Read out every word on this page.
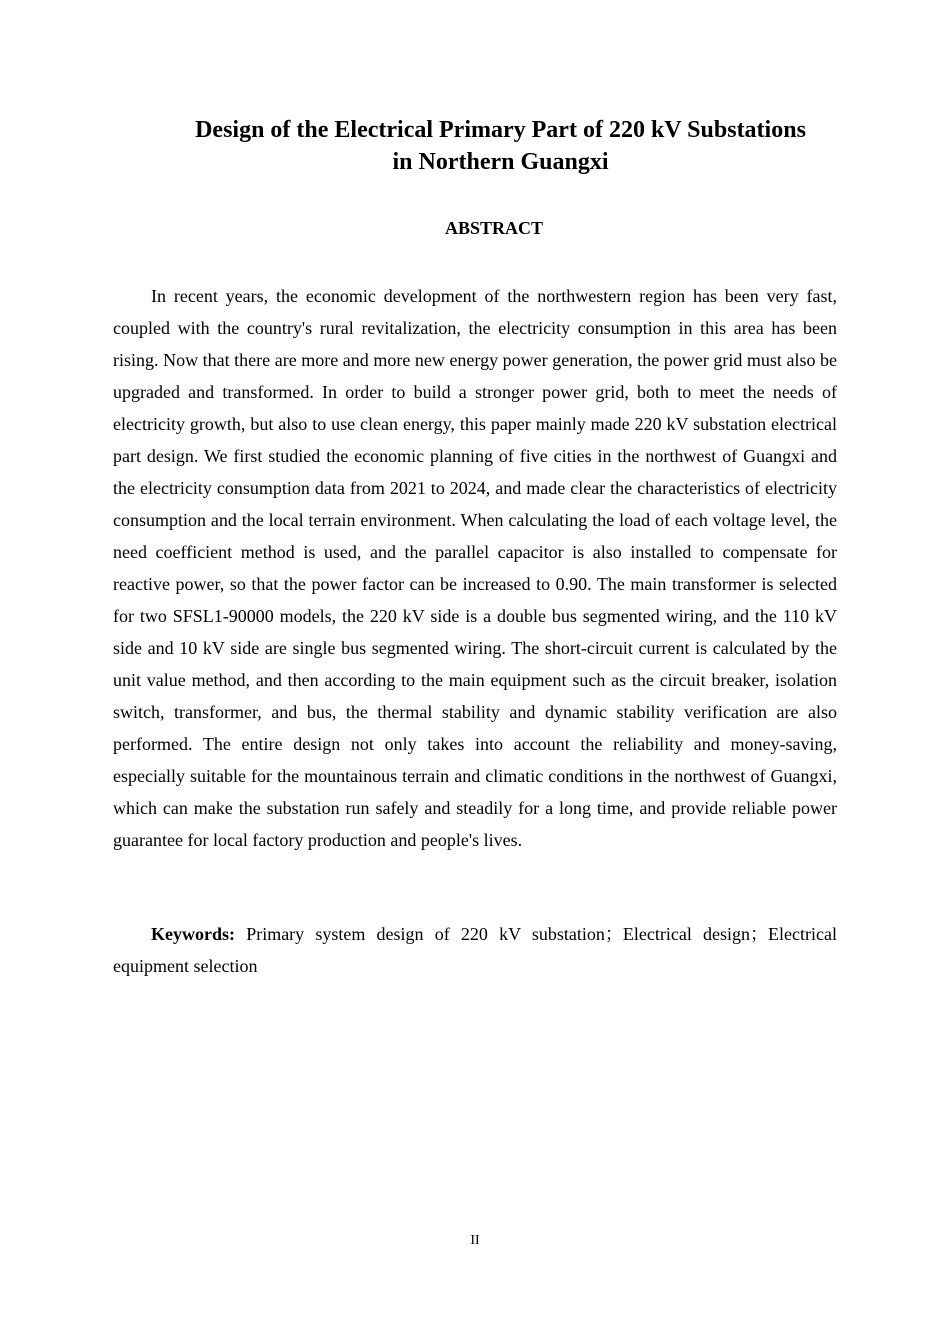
Design of the Electrical Primary Part of 220 kV Substations
in Northern Guangxi
ABSTRACT

In recent years, the economic development of the northwestern region has been very fast, coupled with the country's rural revitalization, the electricity consumption in this area has been rising. Now that there are more and more new energy power generation, the power grid must also be upgraded and transformed. In order to build a stronger power grid, both to meet the needs of electricity growth, but also to use clean energy, this paper mainly made 220 kV substation electrical part design. We first studied the economic planning of five cities in the northwest of Guangxi and the electricity consumption data from 2021 to 2024, and made clear the characteristics of electricity consumption and the local terrain environment. When calculating the load of each voltage level, the need coefficient method is used, and the parallel capacitor is also installed to compensate for reactive power, so that the power factor can be increased to 0.90. The main transformer is selected for two SFSL1-90000 models, the 220 kV side is a double bus segmented wiring, and the 110 kV side and 10 kV side are single bus segmented wiring. The short-circuit current is calculated by the unit value method, and then according to the main equipment such as the circuit breaker, isolation switch, transformer, and bus, the thermal stability and dynamic stability verification are also performed. The entire design not only takes into account the reliability and money-saving, especially suitable for the mountainous terrain and climatic conditions in the northwest of Guangxi, which can make the substation run safely and steadily for a long time, and provide reliable power guarantee for local factory production and people's lives.

Keywords: Primary system design of 220 kV substation；Electrical design；Electrical equipment selection

II
